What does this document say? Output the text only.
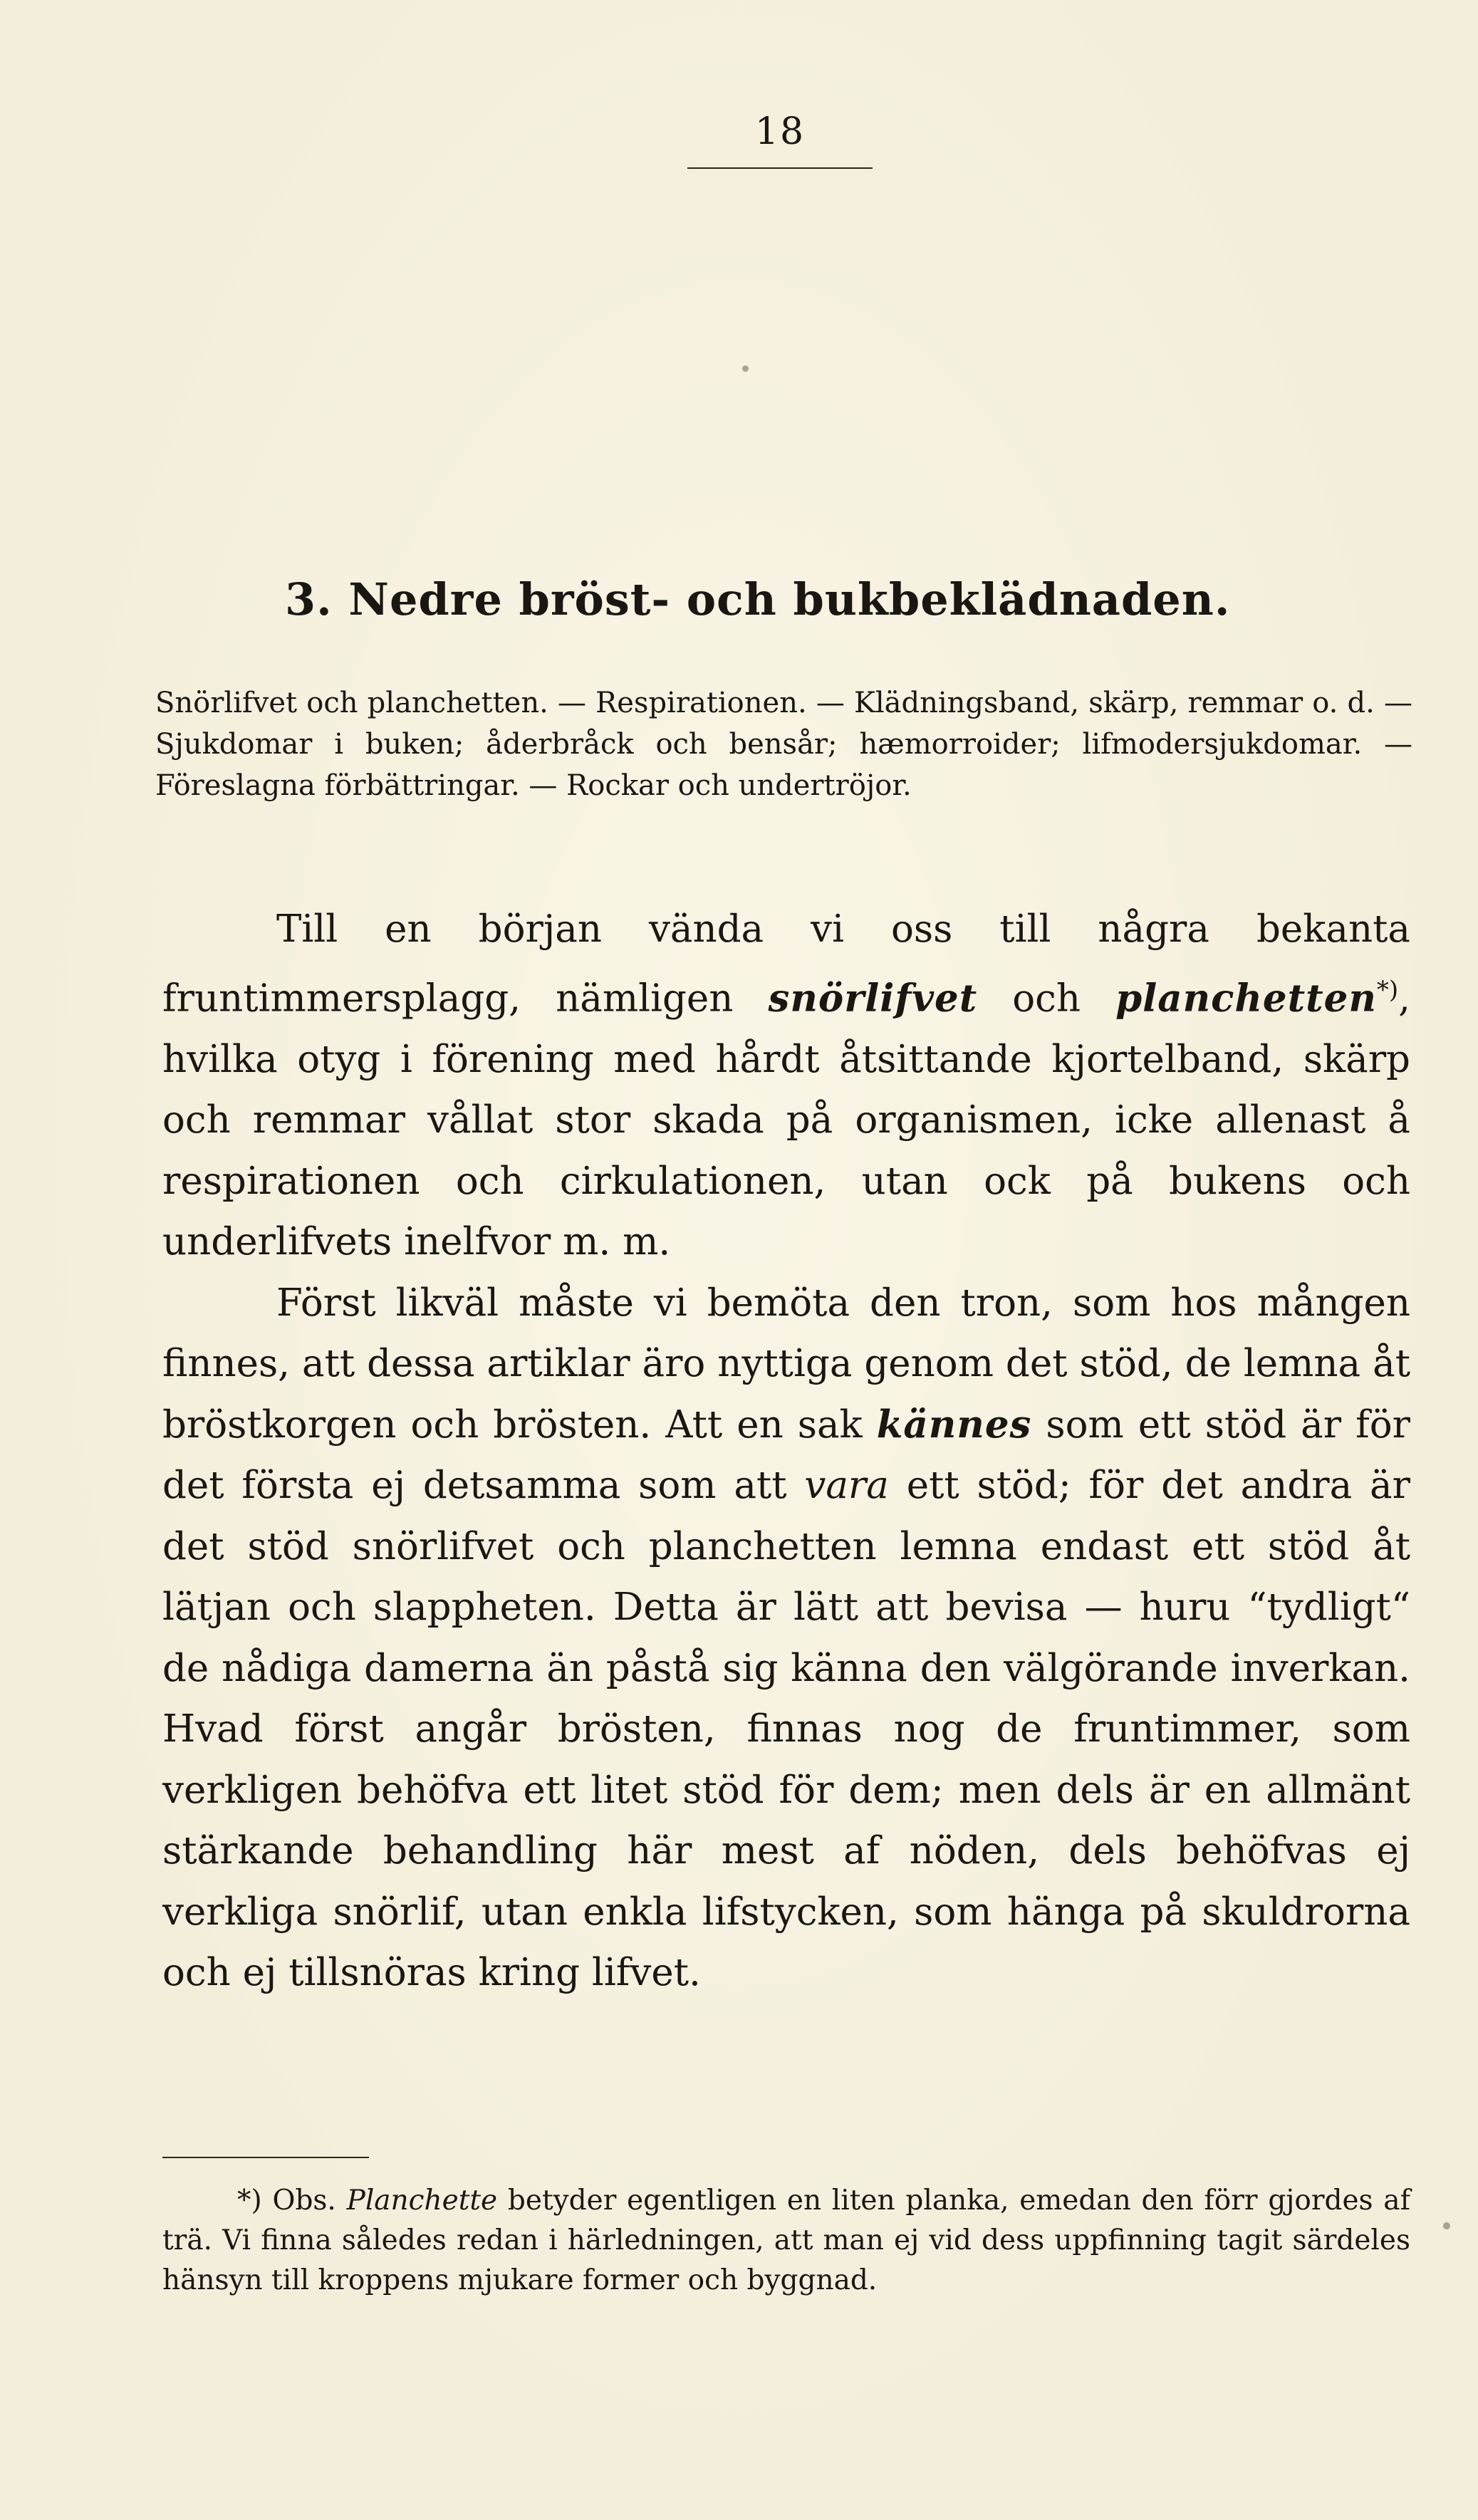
18
3. Nedre bröst- och bukbeklädnaden.

Snörlifvet och planchetten. — Respirationen. — Klädningsband, skärp, remmar o. d. — Sjukdomar i buken; åderbråck och bensår; hæmorroider; lifmodersjukdomar. — Föreslagna förbättringar. — Rockar och undertröjor.

Till en början vända vi oss till några bekanta fruntimmersplagg, nämligen snörlifvet och planchetten*), hvilka otyg i förening med hårdt åtsittande kjortelband, skärp och remmar vållat stor skada på organismen, icke allenast å respirationen och cirkulationen, utan ock på bukens och underlifvets inelfvor m. m.

Först likväl måste vi bemöta den tron, som hos mången finnes, att dessa artiklar äro nyttiga genom det stöd, de lemna åt bröstkorgen och brösten. Att en sak kännes som ett stöd är för det första ej detsamma som att vara ett stöd; för det andra är det stöd snörlifvet och planchetten lemna endast ett stöd åt lätjan och slappheten. Detta är lätt att bevisa — huru “tydligt“ de nådiga damerna än påstå sig känna den välgörande inverkan. Hvad först angår brösten, finnas nog de fruntimmer, som verkligen behöfva ett litet stöd för dem; men dels är en allmänt stärkande behandling här mest af nöden, dels behöfvas ej verkliga snörlif, utan enkla lifstycken, som hänga på skuldrorna och ej tillsnöras kring lifvet.

*) Obs. Planchette betyder egentligen en liten planka, emedan den förr gjordes af trä. Vi finna således redan i härledningen, att man ej vid dess uppfinning tagit särdeles hänsyn till kroppens mjukare former och byggnad.
